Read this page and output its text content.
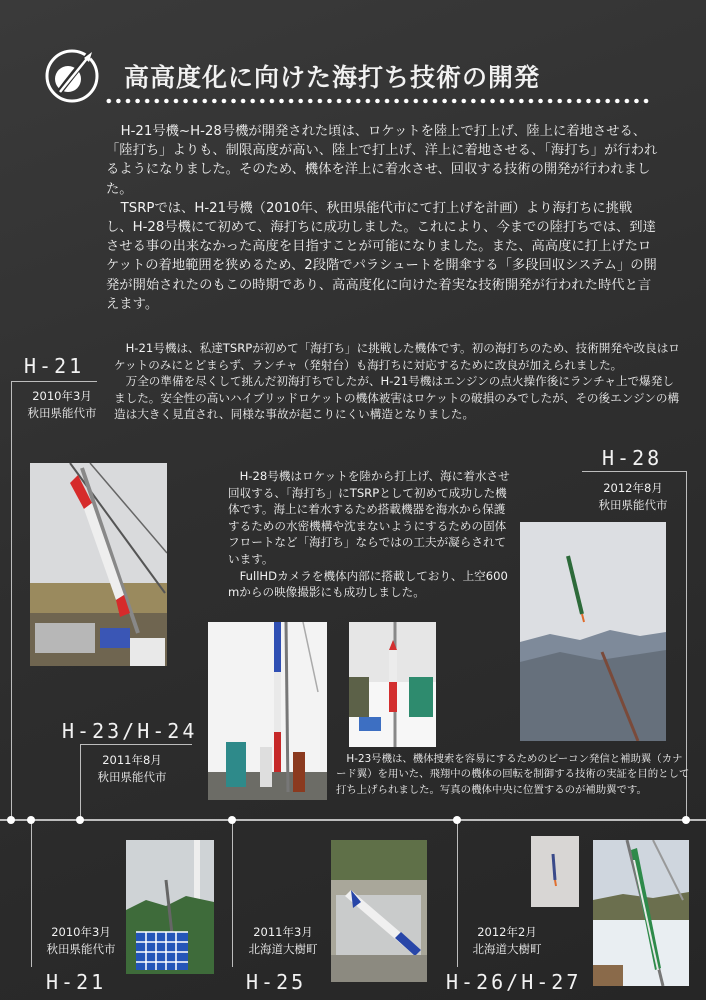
高高度化に向けた海打ち技術の開発

H-21号機~H-28号機が開発された頃は、ロケットを陸上で打上げ、陸上に着地させる、「陸打ち」よりも、制限高度が高い、陸上で打上げ、洋上に着地させる、「海打ち」が行われるようになりました。そのため、機体を洋上に着水させ、回収する技術の開発が行われました。

TSRPでは、H-21号機（2010年、秋田県能代市にて打上げを計画）より海打ちに挑戦し、H-28号機にて初めて、海打ちに成功しました。これにより、今までの陸打ちでは、到達させる事の出来なかった高度を目指すことが可能になりました。また、高高度に打上げたロケットの着地範囲を狭めるため、2段階でパラシュートを開傘する「多段回収システム」の開発が開始されたのもこの時期であり、高高度化に向けた着実な技術開発が行われた時代と言えます。

H-21
2010年3月
秋田県能代市

H-21号機は、私達TSRPが初めて「海打ち」に挑戦した機体です。初の海打ちのため、技術開発や改良はロケットのみにとどまらず、ランチャ（発射台）も海打ちに対応するために改良が加えられました。

万全の準備を尽くして挑んだ初海打ちでしたが、H-21号機はエンジンの点火操作後にランチャ上で爆発しました。安全性の高いハイブリッドロケットの機体被害はロケットの破損のみでしたが、その後エンジンの構造は大きく見直され、同様な事故が起こりにくい構造となりました。

H-28
2012年8月
秋田県能代市

H-28号機はロケットを陸から打上げ、海に着水させ回収する、「海打ち」にTSRPとして初めて成功した機体です。海上に着水するため搭載機器を海水から保護するための水密機構や沈まないようにするための固体フロートなど「海打ち」ならではの工夫が凝らされています。

FullHDカメラを機体内部に搭載しており、上空600 mからの映像撮影にも成功しました。

H-23/H-24
2011年8月
秋田県能代市

H-23号機は、機体捜索を容易にするためのビーコン発信と補助翼（カナード翼）を用いた、飛翔中の機体の回転を制御する技術の実証を目的として打ち上げられました。写真の機体中央に位置するのが補助翼です。

2010年3月
秋田県能代市
H-21
2011年3月
北海道大樹町
H-25
2012年2月
北海道大樹町
H-26/H-27
